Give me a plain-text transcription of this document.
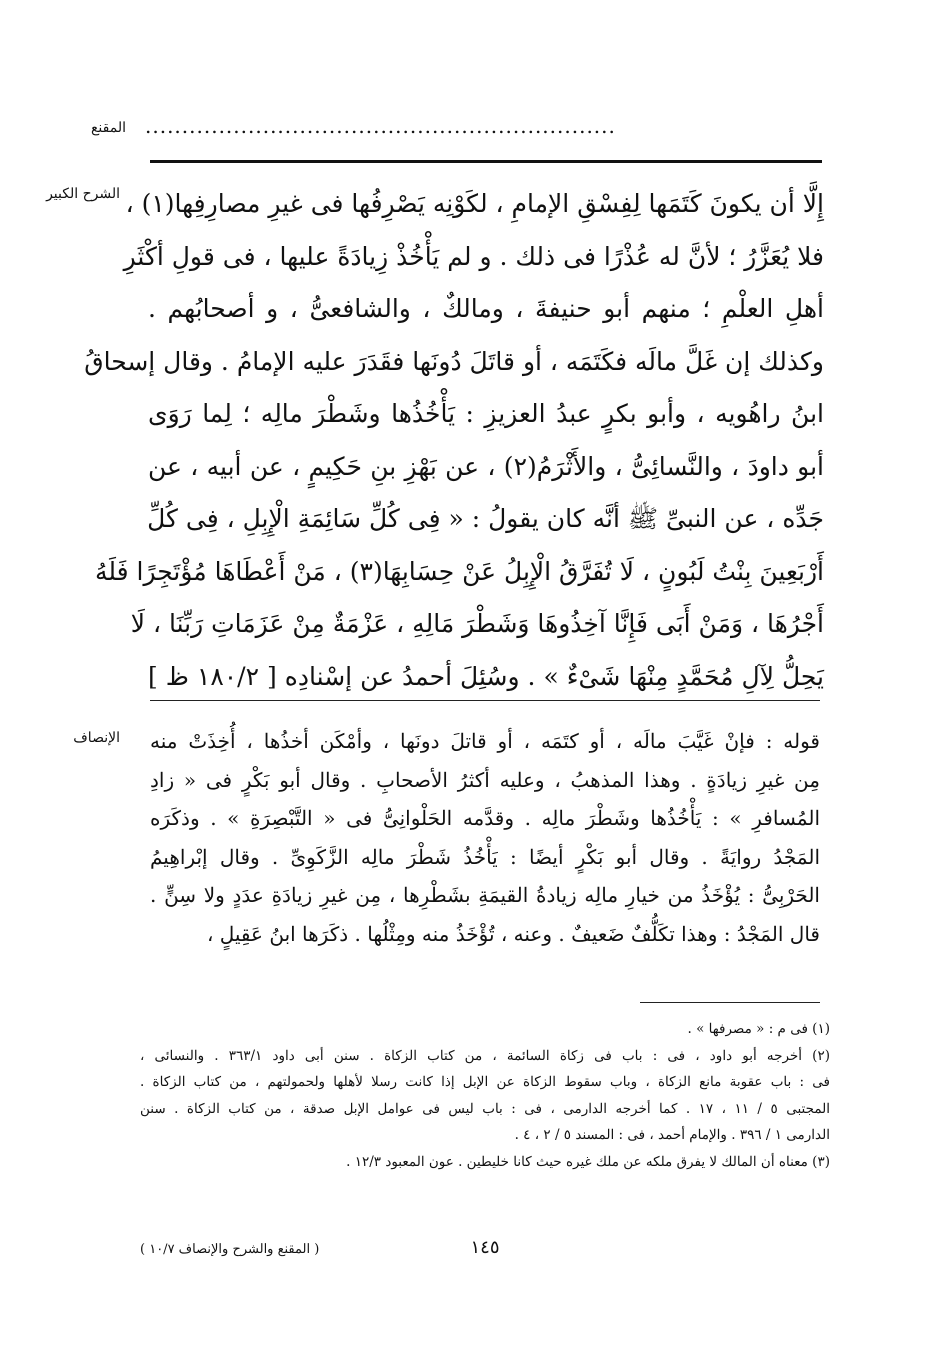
المقنع ................................................................
الشرح الكبير إِلَّا أن يكونَ كَتَمَها لِفِسْقِ الإمامِ ، لكَوْنِه يَصْرِفُها فى غيرِ مصارِفِها(١) ،
فلا يُعَزَّرُ ؛ لأنَّ له عُذْرًا فى ذلك . و لم يَأْخُذْ زِيادَةً عليها ، فى قولِ أكْثَرِ
أهلِ العلْمِ ؛ منهم أبو حنيفةَ ، ومالكٌ ، والشافعىُّ ، و أصحابُهم .
وكذلك إن غَلَّ مالَه فكَتَمَه ، أو قاتَلَ دُونَها فقَدَرَ عليه الإمامُ . وقال إسحاقُ
ابنُ راهُويه ، وأبو بكرٍ عبدُ العزيزِ : يَأْخُذُها وشَطْرَ مالِه ؛ لِما رَوَى
أبو داودَ ، والنَّسائِىُّ ، والأَثْرَمُ(٢) ، عن بَهْزِ بنِ حَكِيمٍ ، عن أبيه ، عن
جَدِّه ، عن النبىِّ ﷺ أنَّه كان يقولُ : « فِى كُلِّ سَائِمَةِ الْإِبِلِ ، فِى كُلِّ
أَرْبَعِينَ بِنْتُ لَبُونٍ ، لَا تُفَرَّقُ الْإِبِلُ عَنْ حِسَابِهَا(٣) ، مَنْ أَعْطَاهَا مُؤْتَجِرًا فَلَهُ
أَجْرُهَا ، وَمَنْ أَبَى فَإِنَّا آخِذُوهَا وَشَطْرَ مَالِهِ ، عَزْمَةٌ مِنْ عَزَمَاتِ رَبِّنَا ، لَا
يَحِلُّ لِآلِ مُحَمَّدٍ مِنْهَا شَىْءٌ » . وسُئِلَ أحمدُ عن إسْنادِه [ ١٨٠/٢ ظ ]
الإنصاف قوله : فإنْ غَيَّبَ مالَه ، أو كتَمَه ، أو قاتلَ دونَها ، وأمْكَن أخذُها ، أُخِذَتْ منه
مِن غيرِ زيادَةٍ . وهذا المذهبُ ، وعليه أكثرُ الأصحابِ . وقال أبو بَكْرٍ فى « زادِ
المُسافرِ » : يَأْخُذُها وشَطْرَ مالِه . وقدَّمه الحَلْوانِىُّ فى « التَّبْصِرَةِ » . وذكَرَه
المَجْدُ روايَةً . وقال أبو بَكْرٍ أيضًا : يَأْخُذُ شَطْرَ مالِه الزَّكَوِىِّ . وقال إبْراهِيمُ
الحَرْبِىُّ : يُؤْخَذُ من خيارِ مالِه زيادةُ القيمَةِ بشَطْرِها ، مِن غيرِ زيادَةِ عدَدٍ ولا سِنٍّ .
قال المَجْدُ : وهذا تكَلُّفٌ ضَعيفٌ . وعنه ، تُؤْخَذُ منه ومِثْلُها . ذكَرَها ابنُ عَقِيلٍ ،
(١) فى م : « مصرفها » .
(٢) أخرجه أبو داود ، فى : باب فى زكاة السائمة ، من كتاب الزكاة . سنن أبى داود ٣٦٣/١ . والنسائى ،
فى : باب عقوبة مانع الزكاة ، وباب سقوط الزكاة عن الإبل إذا كانت رسلا لأهلها ولحمولتهم ، من كتاب الزكاة .
المجتبى ٥ / ١١ ، ١٧ . كما أخرجه الدارمى ، فى : باب ليس فى عوامل الإبل صدقة ، من كتاب الزكاة . سنن
الدارمى ١ / ٣٩٦ . والإمام أحمد ، فى : المسند ٥ / ٢ ، ٤ .
(٣) معناه أن المالك لا يفرق ملكه عن ملك غيره حيث كانا خليطين . عون المعبود ١٢/٣ .
١٤٥
( المقنع والشرح والإنصاف ١٠/٧ )
